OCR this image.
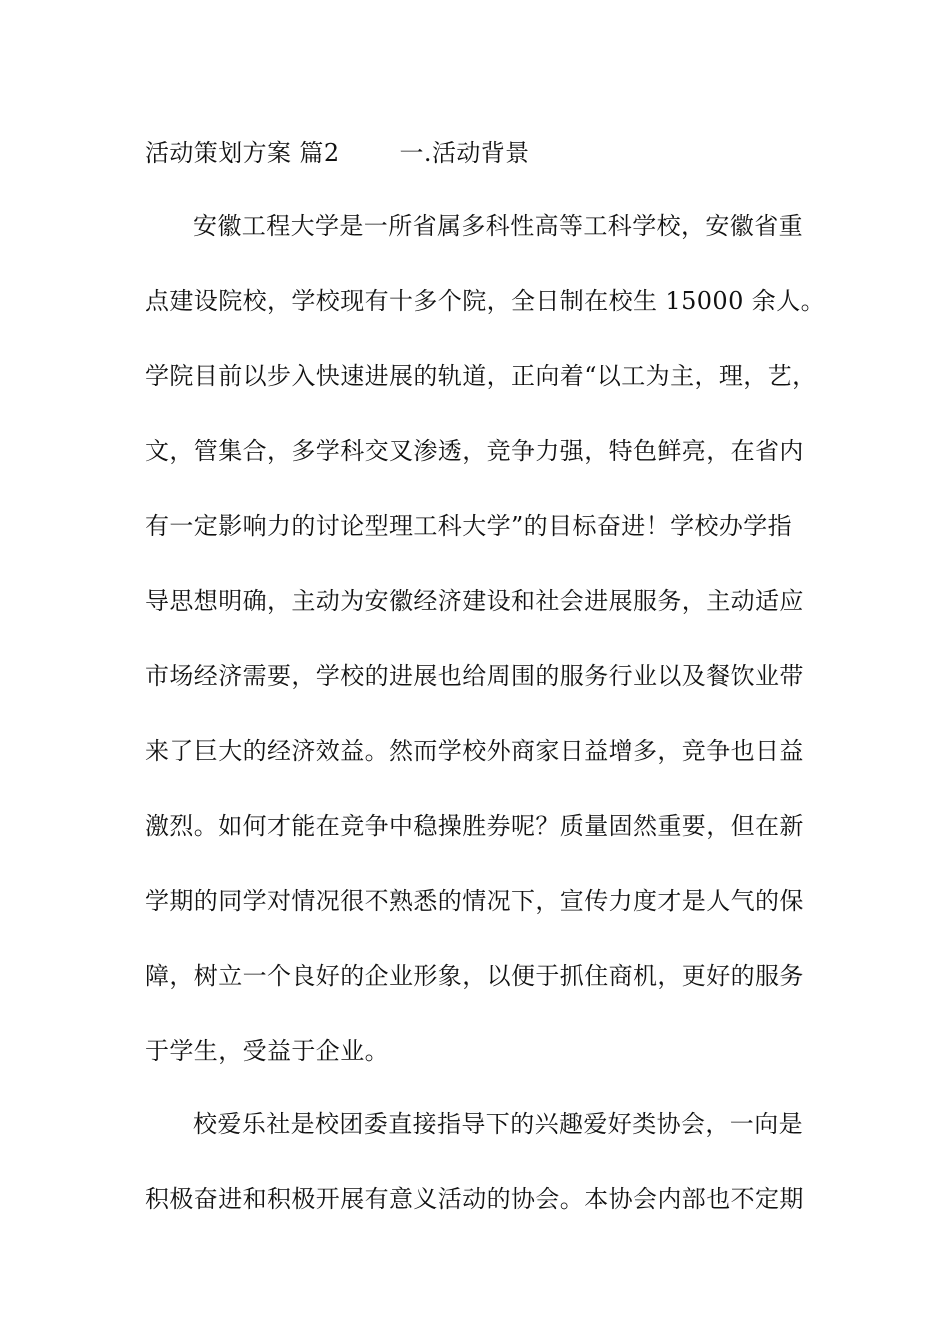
活动策划方案 篇2	一.活动背景
安徽工程大学是一所省属多科性高等工科学校，安徽省重
点建设院校，学校现有十多个院，全日制在校生 15000 余人。
学院目前以步入快速进展的轨道，正向着“以工为主，理，艺，
文，管集合，多学科交叉渗透，竞争力强，特色鲜亮，在省内
有一定影响力的讨论型理工科大学”的目标奋进！学校办学指
导思想明确，主动为安徽经济建设和社会进展服务，主动适应
市场经济需要，学校的进展也给周围的服务行业以及餐饮业带
来了巨大的经济效益。然而学校外商家日益增多，竞争也日益
激烈。如何才能在竞争中稳操胜券呢？质量固然重要，但在新
学期的同学对情况很不熟悉的情况下，宣传力度才是人气的保
障，树立一个良好的企业形象，以便于抓住商机，更好的服务
于学生，受益于企业。
校爱乐社是校团委直接指导下的兴趣爱好类协会，一向是
积极奋进和积极开展有意义活动的协会。本协会内部也不定期
